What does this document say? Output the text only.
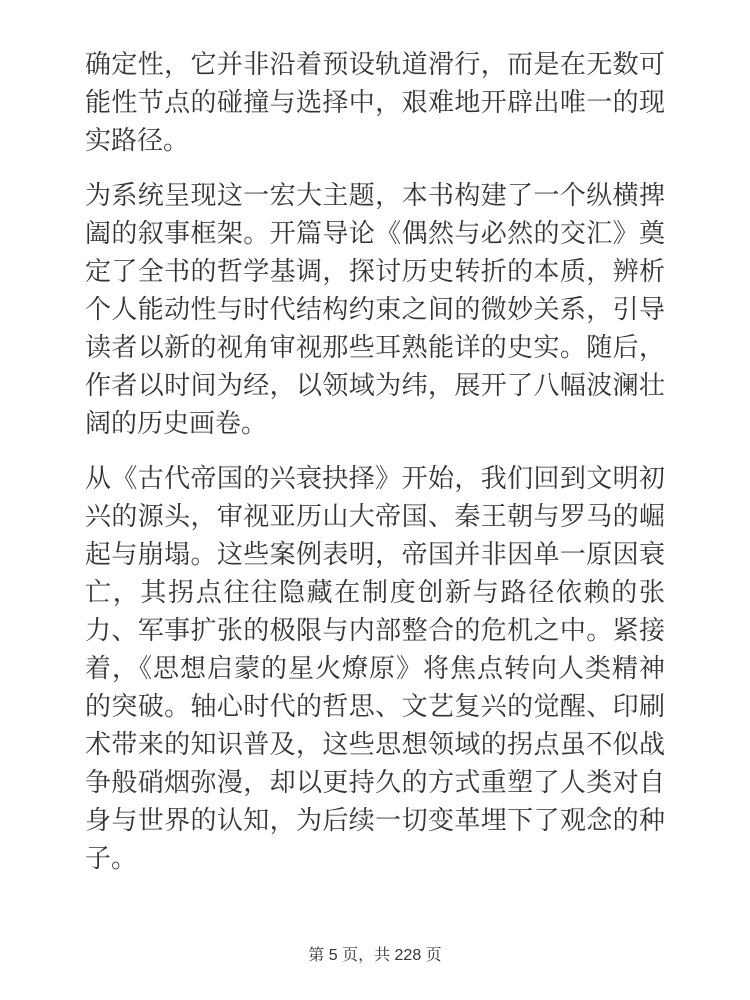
确定性，它并非沿着预设轨道滑行，而是在无数可能性节点的碰撞与选择中，艰难地开辟出唯一的现实路径。

为系统呈现这一宏大主题，本书构建了一个纵横捭阖的叙事框架。开篇导论《偶然与必然的交汇》奠定了全书的哲学基调，探讨历史转折的本质，辨析个人能动性与时代结构约束之间的微妙关系，引导读者以新的视角审视那些耳熟能详的史实。随后，作者以时间为经，以领域为纬，展开了八幅波澜壮阔的历史画卷。

从《古代帝国的兴衰抉择》开始，我们回到文明初兴的源头，审视亚历山大帝国、秦王朝与罗马的崛起与崩塌。这些案例表明，帝国并非因单一原因衰亡，其拐点往往隐藏在制度创新与路径依赖的张力、军事扩张的极限与内部整合的危机之中。紧接着，《思想启蒙的星火燎原》将焦点转向人类精神的突破。轴心时代的哲思、文艺复兴的觉醒、印刷术带来的知识普及，这些思想领域的拐点虽不似战争般硝烟弥漫，却以更持久的方式重塑了人类对自身与世界的认知，为后续一切变革埋下了观念的种子。

第 5 页，共 228 页
